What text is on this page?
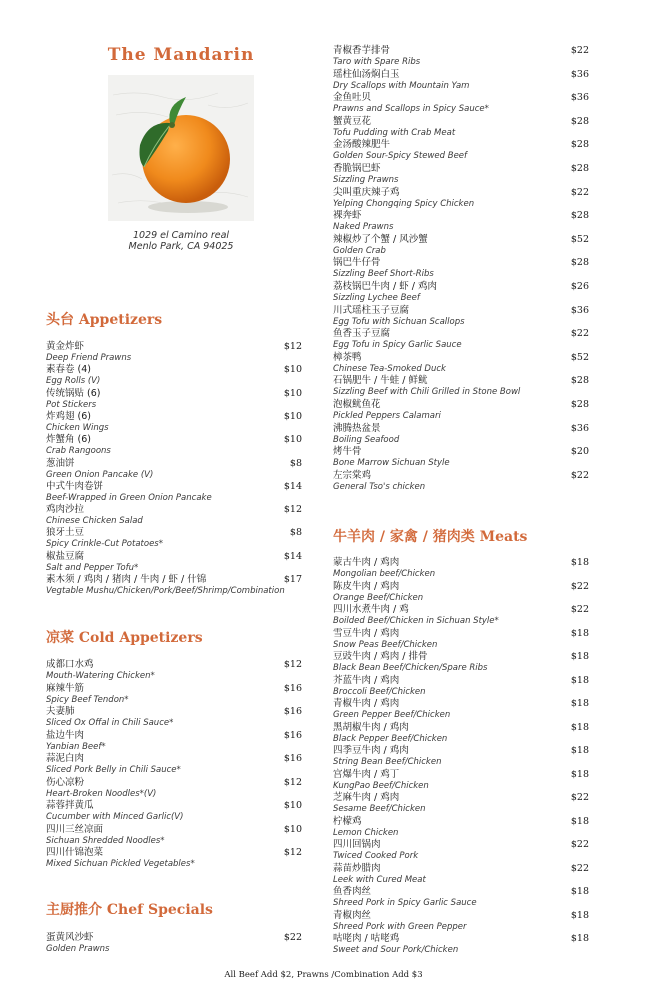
The Mandarin
1029 el Camino real
Menlo Park, CA 94025
头台 Appetizers
黄金炸虾
Deep Friend Prawns
$12
素春卷 (4)
Egg Rolls (V)
$10
传统锅贴 (6)
Pot Stickers
$10
炸鸡翅 (6)
Chicken Wings
$10
炸蟹角 (6)
Crab Rangoons
$10
葱油饼
Green Onion Pancake (V)
$8
中式牛肉卷饼
Beef-Wrapped in Green Onion Pancake
$14
鸡肉沙拉
Chinese Chicken Salad
$12
狼牙土豆
Spicy Crinkle-Cut Potatoes*
$8
椒盐豆腐
Salt and Pepper Tofu*
$14
素木须 / 鸡肉 / 猪肉 / 牛肉 / 虾 / 什锦
Vegtable Mushu/Chicken/Pork/Beef/Shrimp/Combination
$17
凉菜 Cold Appetizers
成都口水鸡
Mouth-Watering Chicken*
$12
麻辣牛筋
Spicy Beef Tendon*
$16
夫妻肺
Sliced Ox Offal in Chili Sauce*
$16
盐边牛肉
Yanbian Beef*
$16
蒜泥白肉
Sliced Pork Belly in Chili Sauce*
$16
伤心凉粉
Heart-Broken Noodles*(V)
$12
蒜蓉拌黄瓜
Cucumber with Minced Garlic(V)
$10
四川三丝凉面
Sichuan Shredded Noodles*
$10
四川什锦泡菜
Mixed Sichuan Pickled Vegetables*
$12
主厨推介 Chef Specials
蛋黄风沙虾
Golden Prawns
$22
青椒香芋排骨
Taro with Spare Ribs
$22
瑶柱仙汤焖白玉
Dry Scallops with Mountain Yam
$36
金鱼吐贝
Prawns and Scallops in Spicy Sauce*
$36
蟹黄豆花
Tofu Pudding with Crab Meat
$28
金汤酸辣肥牛
Golden Sour-Spicy Stewed Beef
$28
香脆锅巴虾
Sizzling Prawns
$28
尖叫重庆辣子鸡
Yelping Chongqing Spicy Chicken
$22
裸奔虾
Naked Prawns
$28
辣椒炒了个蟹 / 风沙蟹
Golden Crab
$52
锅巴牛仔骨
Sizzling Beef Short-Ribs
$28
荔枝锅巴牛肉 / 虾 / 鸡肉
Sizzling Lychee Beef
$26
川式瑶柱玉子豆腐
Egg Tofu with Sichuan Scallops
$36
鱼香玉子豆腐
Egg Tofu in Spicy Garlic Sauce
$22
樟茶鸭
Chinese Tea-Smoked Duck
$52
石锅肥牛 / 牛蛙 / 鲜鱿
Sizzling Beef with Chili Grilled in Stone Bowl
$28
泡椒鱿鱼花
Pickled Peppers Calamari
$28
沸腾热盆景
Boiling Seafood
$36
烤牛骨
Bone Marrow Sichuan Style
$20
左宗棠鸡
General Tso's chicken
$22
牛羊肉 / 家禽 / 猪肉类 Meats
蒙古牛肉 / 鸡肉
Mongolian beef/Chicken
$18
陈皮牛肉 / 鸡肉
Orange Beef/Chicken
$22
四川水煮牛肉 / 鸡
Boilded Beef/Chicken in Sichuan Style*
$22
雪豆牛肉 / 鸡肉
Snow Peas Beef/Chicken
$18
豆豉牛肉 / 鸡肉 / 排骨
Black Bean Beef/Chicken/Spare Ribs
$18
芥蓝牛肉 / 鸡肉
Broccoli Beef/Chicken
$18
青椒牛肉 / 鸡肉
Green Pepper Beef/Chicken
$18
黑胡椒牛肉 / 鸡肉
Black Pepper Beef/Chicken
$18
四季豆牛肉 / 鸡肉
String Bean Beef/Chicken
$18
宫爆牛肉 / 鸡丁
KungPao Beef/Chicken
$18
芝麻牛肉 / 鸡肉
Sesame Beef/Chicken
$22
柠檬鸡
Lemon Chicken
$18
四川回锅肉
Twiced Cooked Pork
$22
蒜苗炒腊肉
Leek with Cured Meat
$22
鱼香肉丝
Shreed Pork in Spicy Garlic Sauce
$18
青椒肉丝
Shreed Pork with Green Pepper
$18
咕咾肉 / 咕咾鸡
Sweet and Sour Pork/Chicken
$18
All Beef Add $2, Prawns /Combination Add $3
